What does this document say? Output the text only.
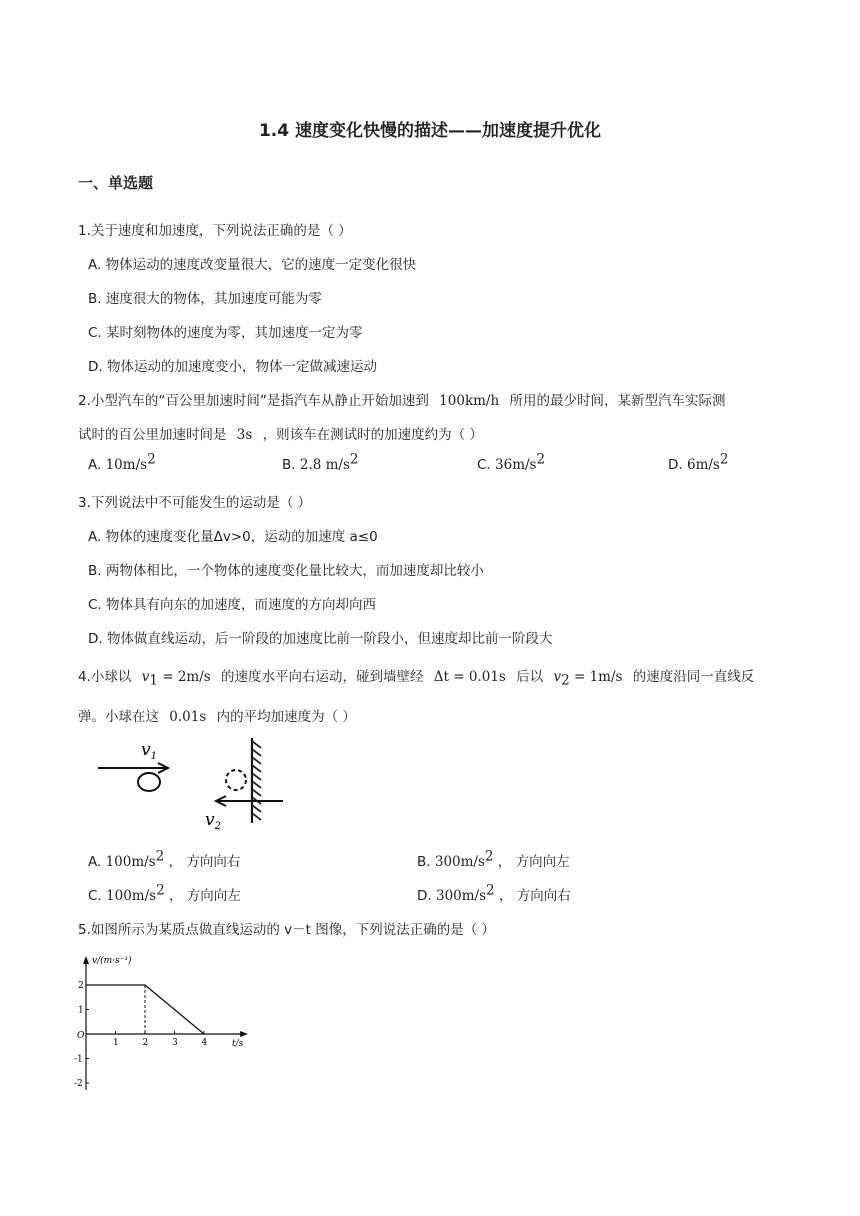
1.4 速度变化快慢的描述——加速度提升优化
一、单选题
1.关于速度和加速度，下列说法正确的是（ ）
A. 物体运动的速度改变量很大，它的速度一定变化很快
B. 速度很大的物体，其加速度可能为零
C. 某时刻物体的速度为零，其加速度一定为零
D. 物体运动的加速度变小，物体一定做减速运动
2.小型汽车的“百公里加速时间”是指汽车从静止开始加速到 100km/h 所用的最少时间，某新型汽车实际测
试时的百公里加速时间是 3s ，则该车在测试时的加速度约为（ ）
A. $10m/s^2$	B. 2.8 $m/s^2$	C. $36m/s^2$	D. $6m/s^2$
3.下列说法中不可能发生的运动是（ ）
A. 物体的速度变化量Δv>0，运动的加速度 a≤0
B. 两物体相比，一个物体的速度变化量比较大，而加速度却比较小
C. 物体具有向东的加速度，而速度的方向却向西
D. 物体做直线运动，后一阶段的加速度比前一阶段小，但速度却比前一阶段大
4.小球以 $v_1 = 2m/s$ 的速度水平向右运动，碰到墙壁经 Δt = 0.01s 后以 $v_2 = 1m/s$ 的速度沿同一直线反
弹。小球在这 0.01s 内的平均加速度为（ ）
$v_1$
$v_2$
A. $100m/s^2$ ， 方向向右	B. $300m/s^2$ ， 方向向左
C. $100m/s^2$ ， 方向向左	D. $300m/s^2$ ， 方向向右
5.如图所示为某质点做直线运动的 v－t 图像，下列说法正确的是（ ）
v/(m·s⁻¹)
t/s
O
1	2	3	4
2
1
-1
-2
